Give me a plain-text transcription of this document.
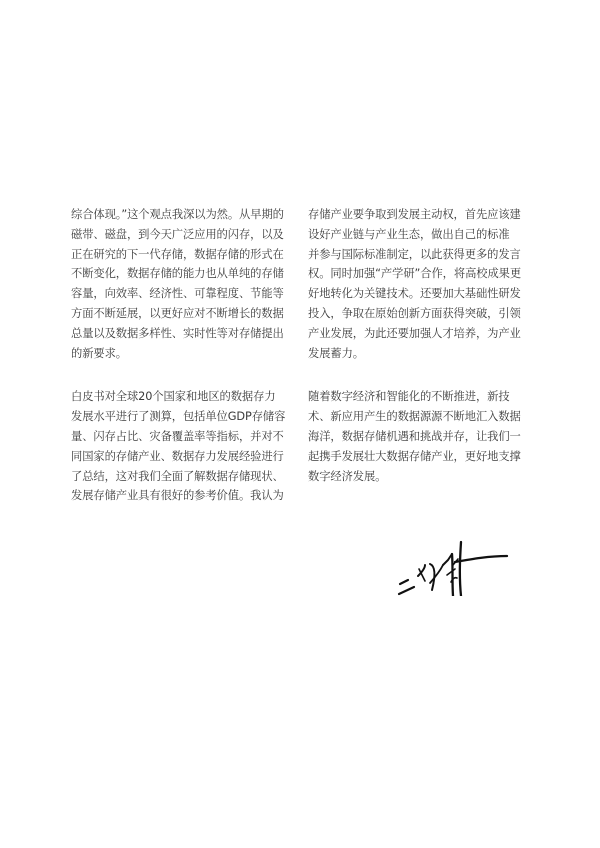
综合体现。”这个观点我深以为然。从早期的
磁带、磁盘，到今天广泛应用的闪存，以及
正在研究的下一代存储，数据存储的形式在
不断变化，数据存储的能力也从单纯的存储
容量，向效率、经济性、可靠程度、节能等
方面不断延展，以更好应对不断增长的数据
总量以及数据多样性、实时性等对存储提出
的新要求。

白皮书对全球20个国家和地区的数据存力
发展水平进行了测算，包括单位GDP存储容
量、闪存占比、灾备覆盖率等指标，并对不
同国家的存储产业、数据存力发展经验进行
了总结，这对我们全面了解数据存储现状、
发展存储产业具有很好的参考价值。我认为

存储产业要争取到发展主动权，首先应该建
设好产业链与产业生态，做出自己的标准
并参与国际标准制定，以此获得更多的发言
权。同时加强“产学研”合作，将高校成果更
好地转化为关键技术。还要加大基础性研发
投入，争取在原始创新方面获得突破，引领
产业发展，为此还要加强人才培养，为产业
发展蓄力。

随着数字经济和智能化的不断推进，新技
术、新应用产生的数据源源不断地汇入数据
海洋，数据存储机遇和挑战并存，让我们一
起携手发展壮大数据存储产业，更好地支撑
数字经济发展。
